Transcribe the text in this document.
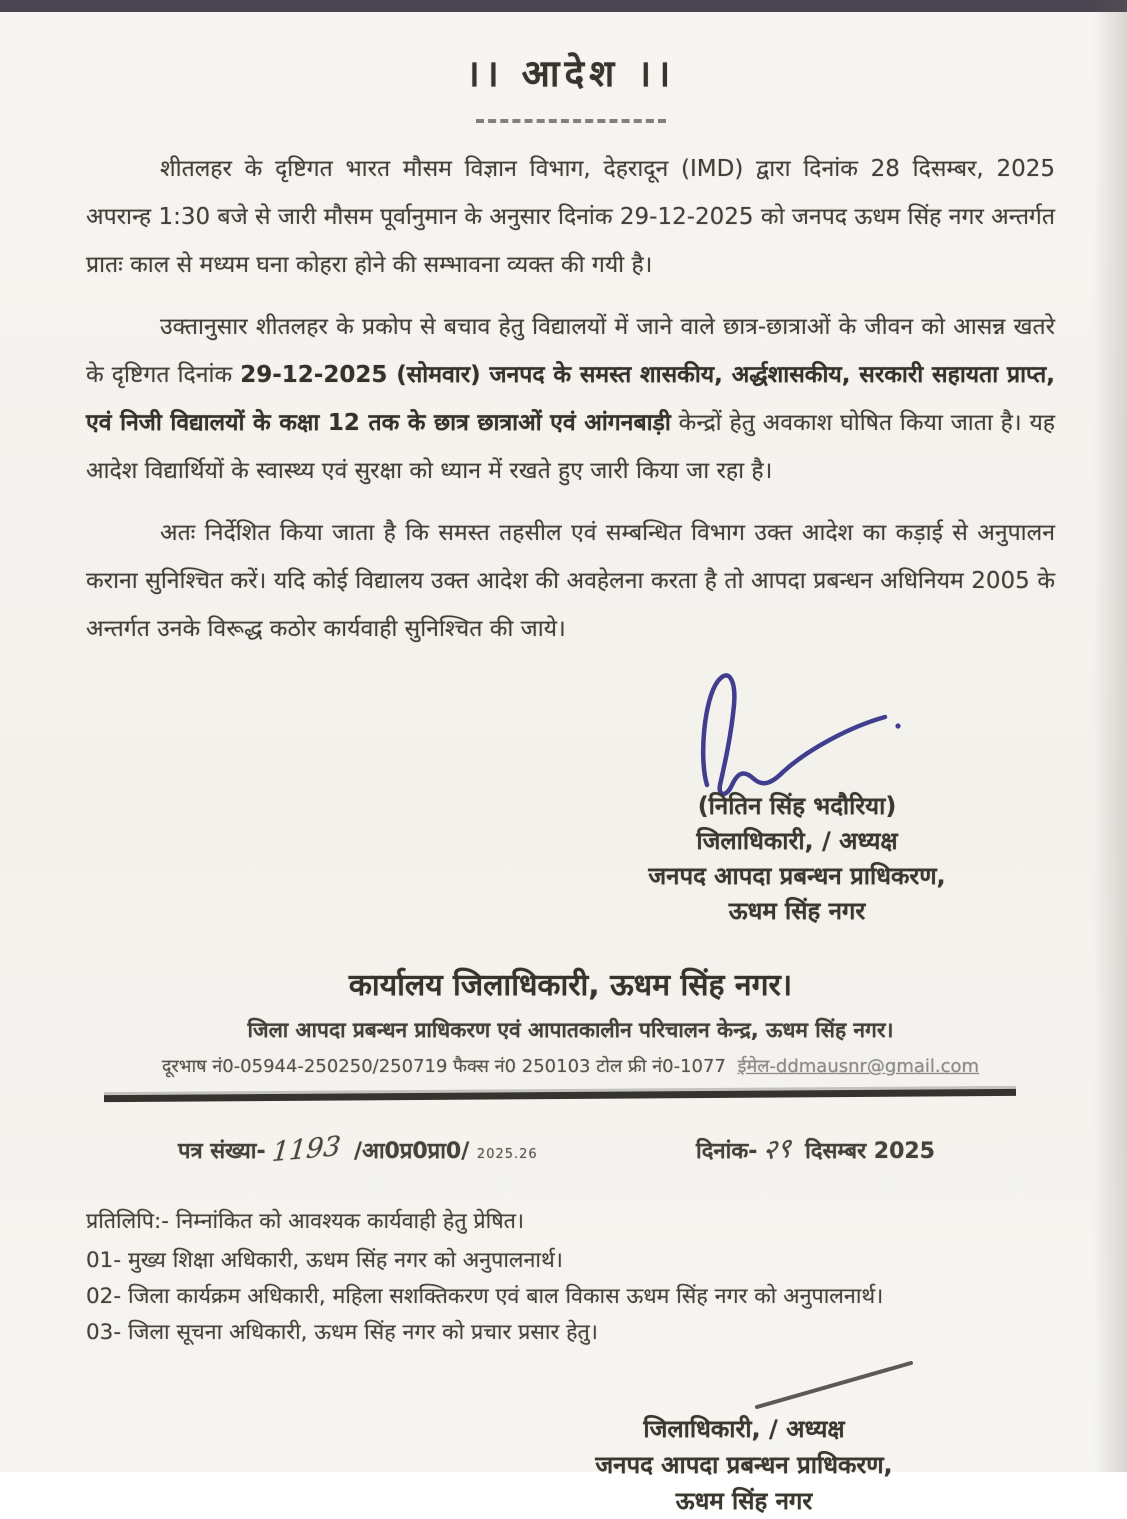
।। आदेश ।।

शीतलहर के दृष्टिगत भारत मौसम विज्ञान विभाग, देहरादून (IMD) द्वारा दिनांक 28 दिसम्बर, 2025 अपरान्ह 1:30 बजे से जारी मौसम पूर्वानुमान के अनुसार दिनांक 29-12-2025 को जनपद ऊधम सिंह नगर अन्तर्गत प्रातः काल से मध्यम घना कोहरा होने की सम्भावना व्यक्त की गयी है।

उक्तानुसार शीतलहर के प्रकोप से बचाव हेतु विद्यालयों में जाने वाले छात्र-छात्राओं के जीवन को आसन्न खतरे के दृष्टिगत दिनांक 29-12-2025 (सोमवार) जनपद के समस्त शासकीय, अर्द्धशासकीय, सरकारी सहायता प्राप्त, एवं निजी विद्यालयों के कक्षा 12 तक के छात्र छात्राओं एवं आंगनबाड़ी केन्द्रों हेतु अवकाश घोषित किया जाता है। यह आदेश विद्यार्थियों के स्वास्थ्य एवं सुरक्षा को ध्यान में रखते हुए जारी किया जा रहा है।

अतः निर्देशित किया जाता है कि समस्त तहसील एवं सम्बन्धित विभाग उक्त आदेश का कड़ाई से अनुपालन कराना सुनिश्चित करें। यदि कोई विद्यालय उक्त आदेश की अवहेलना करता है तो आपदा प्रबन्धन अधिनियम 2005 के अन्तर्गत उनके विरूद्ध कठोर कार्यवाही सुनिश्चित की जाये।

(नितिन सिंह भदौरिया)
जिलाधिकारी, / अध्यक्ष
जनपद आपदा प्रबन्धन प्राधिकरण,
ऊधम सिंह नगर
कार्यालय जिलाधिकारी, ऊधम सिंह नगर।
जिला आपदा प्रबन्धन प्राधिकरण एवं आपातकालीन परिचालन केन्द्र, ऊधम सिंह नगर।
दूरभाष नं0-05944-250250/250719 फैक्स नं0 250103 टोल फ्री नं0-1077 ईमेल-ddmausnr@gmail.com
पत्र संख्या- 1193 /आ0प्र0प्रा0/ 2025.26	दिनांक- २९ दिसम्बर 2025
प्रतिलिपि:- निम्नांकित को आवश्यक कार्यवाही हेतु प्रेषित।
01- मुख्य शिक्षा अधिकारी, ऊधम सिंह नगर को अनुपालनार्थ।
02- जिला कार्यक्रम अधिकारी, महिला सशक्तिकरण एवं बाल विकास ऊधम सिंह नगर को अनुपालनार्थ।
03- जिला सूचना अधिकारी, ऊधम सिंह नगर को प्रचार प्रसार हेतु।
जिलाधिकारी, / अध्यक्ष
जनपद आपदा प्रबन्धन प्राधिकरण,
ऊधम सिंह नगर
